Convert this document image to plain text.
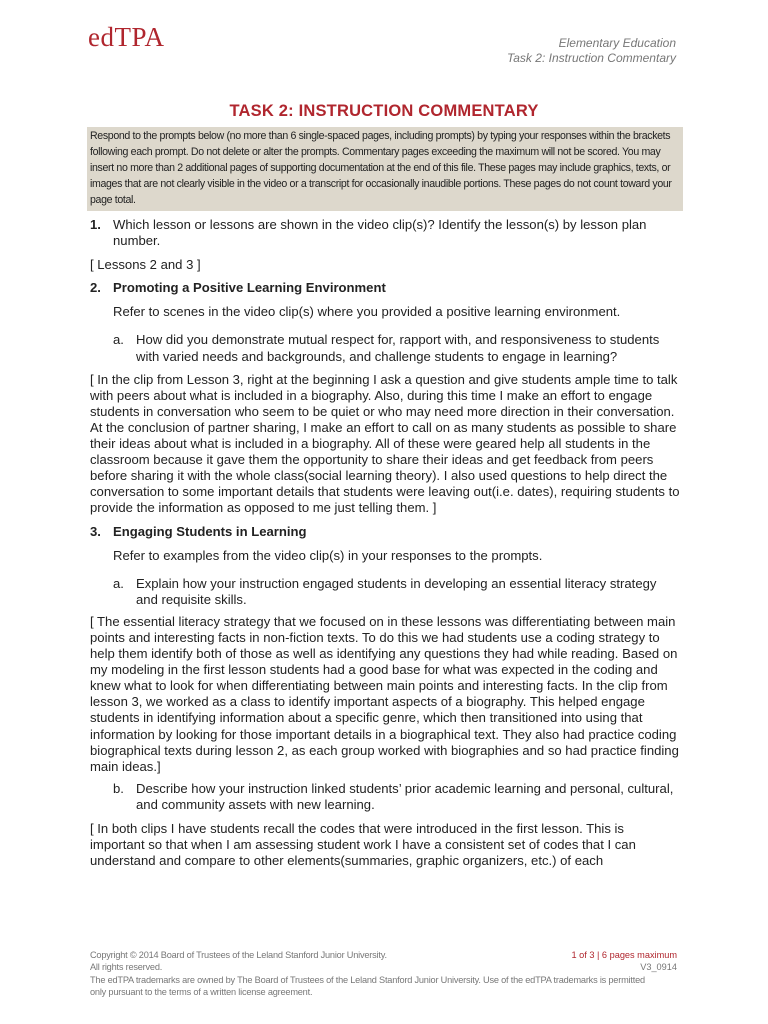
edTPA	Elementary Education
Task 2: Instruction Commentary
TASK 2: INSTRUCTION COMMENTARY
Respond to the prompts below (no more than 6 single-spaced pages, including prompts) by typing your responses within the brackets following each prompt. Do not delete or alter the prompts. Commentary pages exceeding the maximum will not be scored. You may insert no more than 2 additional pages of supporting documentation at the end of this file. These pages may include graphics, texts, or images that are not clearly visible in the video or a transcript for occasionally inaudible portions. These pages do not count toward your page total.
1. Which lesson or lessons are shown in the video clip(s)? Identify the lesson(s) by lesson plan number.

[ Lessons 2 and 3 ]

2. Promoting a Positive Learning Environment

Refer to scenes in the video clip(s) where you provided a positive learning environment.

a. How did you demonstrate mutual respect for, rapport with, and responsiveness to students with varied needs and backgrounds, and challenge students to engage in learning?

[ In the clip from Lesson 3, right at the beginning I ask a question and give students ample time to talk with peers about what is included in a biography. Also, during this time I make an effort to engage students in conversation who seem to be quiet or who may need more direction in their conversation. At the conclusion of partner sharing, I make an effort to call on as many students as possible to share their ideas about what is included in a biography. All of these were geared help all students in the classroom because it gave them the opportunity to share their ideas and get feedback from peers before sharing it with the whole class(social learning theory). I also used questions to help direct the conversation to some important details that students were leaving out(i.e. dates), requiring students to provide the information as opposed to me just telling them. ]

3. Engaging Students in Learning

Refer to examples from the video clip(s) in your responses to the prompts.

a. Explain how your instruction engaged students in developing an essential literacy strategy and requisite skills.

[ The essential literacy strategy that we focused on in these lessons was differentiating between main points and interesting facts in non-fiction texts. To do this we had students use a coding strategy to help them identify both of those as well as identifying any questions they had while reading. Based on my modeling in the first lesson students had a good base for what was expected in the coding and knew what to look for when differentiating between main points and interesting facts. In the clip from lesson 3, we worked as a class to identify important aspects of a biography. This helped engage students in identifying information about a specific genre, which then transitioned into using that information by looking for those important details in a biographical text. They also had practice coding biographical texts during lesson 2, as each group worked with biographies and so had practice finding main ideas.]

b. Describe how your instruction linked students’ prior academic learning and personal, cultural, and community assets with new learning.

[ In both clips I have students recall the codes that were introduced in the first lesson. This is important so that when I am assessing student work I have a consistent set of codes that I can understand and compare to other elements(summaries, graphic organizers, etc.) of each

Copyright © 2014 Board of Trustees of the Leland Stanford Junior University.
All rights reserved.
The edTPA trademarks are owned by The Board of Trustees of the Leland Stanford Junior University. Use of the edTPA trademarks is permitted only pursuant to the terms of a written license agreement.
1 of 3 | 6 pages maximum
V3_0914
